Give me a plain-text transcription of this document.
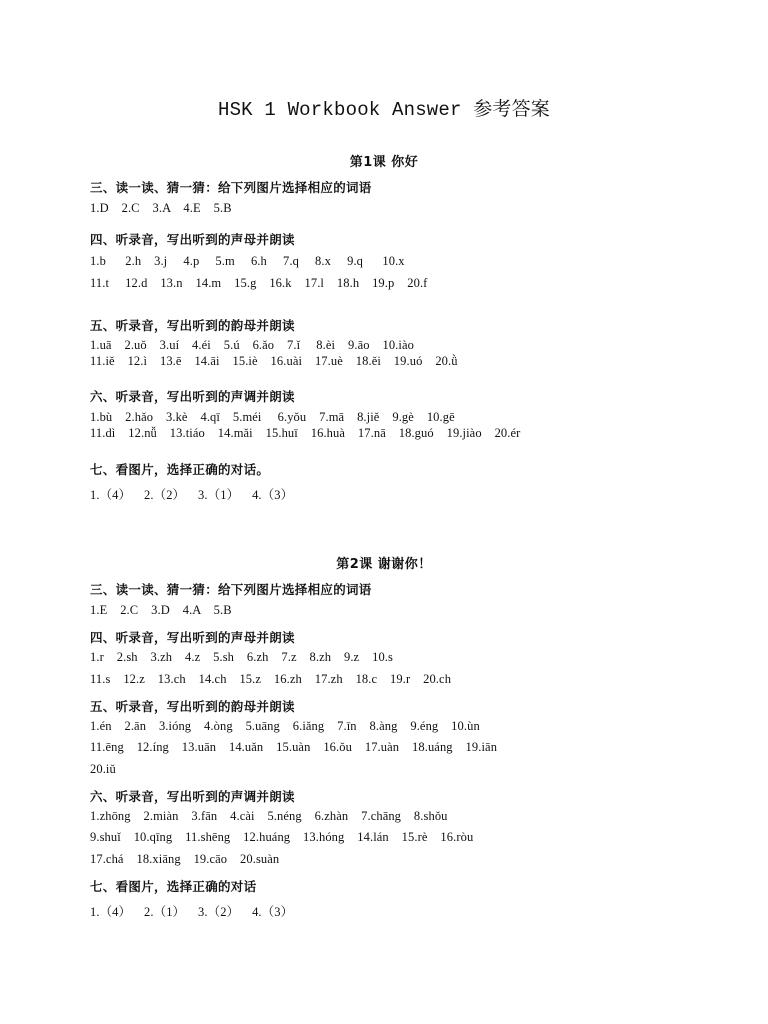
HSK 1 Workbook Answer 参考答案
第1课 你好
三、读一读、猜一猜：给下列图片选择相应的词语
1.D    2.C    3.A    4.E    5.B
四、听录音，写出听到的声母并朗读
1.b      2.h    3.j     4.p     5.m     6.h     7.q     8.x     9.q      10.x
11.t     12.d    13.n    14.m    15.g    16.k    17.l    18.h    19.p    20.f
五、听录音，写出听到的韵母并朗读
1.uā    2.uǒ    3.uí    4.éi    5.ú    6.ǎo    7.ǐ     8.èi    9.āo    10.iào
11.iě    12.ì    13.ē    14.āi    15.iè    16.uài    17.uè    18.ěi    19.uó    20.ǜ
六、听录音，写出听到的声调并朗读
1.bù    2.hǎo    3.kè    4.qī    5.méi     6.yǒu    7.mā    8.jiě    9.gè    10.gē
11.dì    12.nǚ    13.tiáo    14.mǎi    15.huī    16.huà    17.nā    18.guó    19.jiào    20.ér
七、看图片，选择正确的对话。
1.（4）    2.（2）    3.（1）    4.（3）
第2课 谢谢你！
三、读一读、猜一猜：给下列图片选择相应的词语
1.E    2.C    3.D    4.A    5.B
四、听录音，写出听到的声母并朗读
1.r    2.sh    3.zh    4.z    5.sh    6.zh    7.z    8.zh    9.z    10.s
11.s    12.z    13.ch    14.ch    15.z    16.zh    17.zh    18.c    19.r    20.ch
五、听录音，写出听到的韵母并朗读
1.én    2.ān    3.ióng    4.òng    5.uāng    6.iǎng    7.īn    8.àng    9.éng    10.ùn
11.ēng    12.íng    13.uān    14.uǎn    15.uàn    16.ǒu    17.uàn    18.uáng    19.iān
20.iǔ
六、听录音，写出听到的声调并朗读
1.zhōng    2.miàn    3.fān    4.cài    5.néng    6.zhàn    7.chāng    8.shǒu
9.shuǐ    10.qīng    11.shēng    12.huáng    13.hóng    14.lán    15.rè    16.ròu
17.chá    18.xiāng    19.cāo    20.suàn
七、看图片，选择正确的对话
1.（4）    2.（1）    3.（2）    4.（3）
